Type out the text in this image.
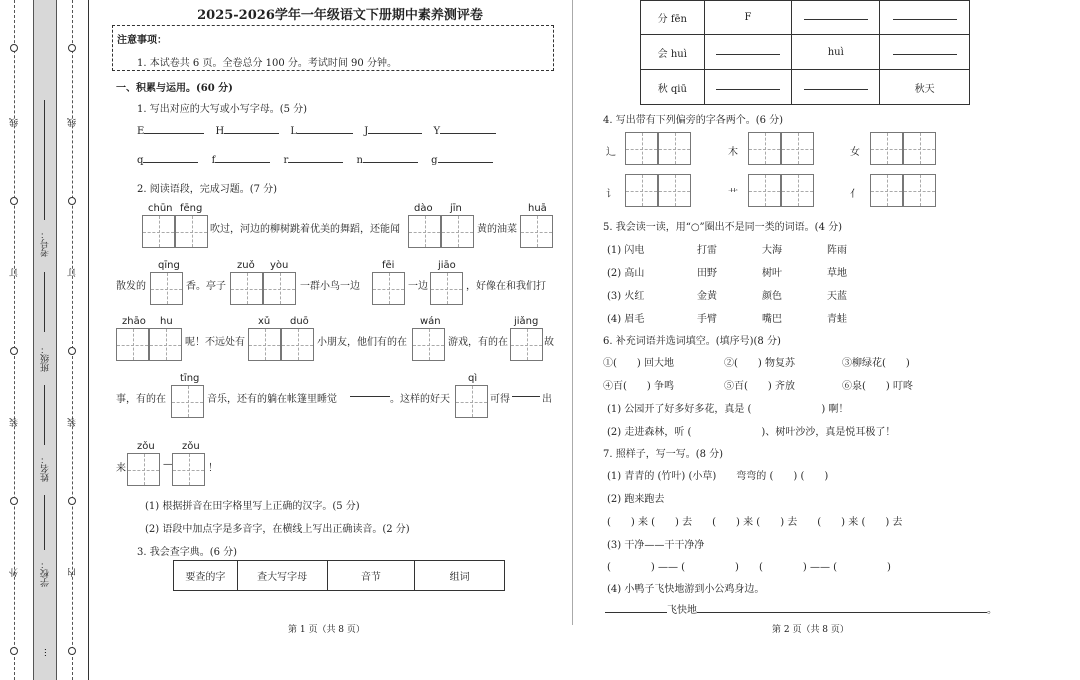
线
订
装
外
线
订
装
内
考号：
班级：
姓名：
学校：
…
2025-2026学年一年级语文下册期中素养测评卷
注意事项：
1. 本试卷共 6 页。全卷总分 100 分。考试时间 90 分钟。
一、积累与运用。(60 分)
1. 写出对应的大写或小写字母。(5 分)
E	H	L	J	Y
q	f	r	n	g
2. 阅读语段，完成习题。(7 分)
chūn fēng
吹过，河边的柳树跳着优美的舞蹈，还能闻
dào jīn
黄的油菜
huā
散发的
qīng
香。亭子
zuǒ yòu
一群小鸟一边
fēi
一边
jiāo
，好像在和我们打
zhāo hu
呢！不远处有
xǔ duō
小朋友，他们有的在
wán
游戏，有的在
jiǎng
故
事，有的在
tīng
音乐，还有的躺在帐篷里睡觉	。这样的好天
qì
可得	出
来
zǒu
—
zǒu
！
(1) 根据拼音在田字格里写上正确的汉字。(5 分)
(2) 语段中加点字是多音字，在横线上写出正确读音。(2 分)
3. 我会查字典。(6 分)
要查的字	查大写字母	音节	组词
第 1 页（共 8 页）
分 fēn	F		
会 huì		huì	
秋 qiū			秋天
4. 写出带有下列偏旁的字各两个。(6 分)
辶	木	女
讠	艹	亻
5. 我会读一读，用“○”圈出不是同一类的词语。(4 分)
(1) 闪电	打雷	大海	阵雨
(2) 高山	田野	树叶	草地
(3) 火红	金黄	颜色	天蓝
(4) 眉毛	手臂	嘴巴	青蛙
6. 补充词语并选词填空。(填序号)(8 分)
①(　　) 回大地	②(　　) 物复苏	③柳绿花(　　)
④百(　　) 争鸣	⑤百(　　) 齐放	⑥泉(　　) 叮咚
(1) 公园开了好多好多花，真是 (　　　　　　　) 啊！
(2) 走进森林，听 (　　　　　　　)、树叶沙沙，真是悦耳极了！
7. 照样子，写一写。(8 分)
(1) 青青的 (竹叶) (小草)　　弯弯的 (　　) (　　)
(2) 跑来跑去
(　　) 来 (　　) 去　　(　　) 来 (　　) 去　　(　　) 来 (　　) 去
(3) 干净——干干净净
(　　　　) —— (　　　　　)　　(　　　　) —— (　　　　　)
(4) 小鸭子飞快地游到小公鸡身边。
飞快地	。
第 2 页（共 8 页）
